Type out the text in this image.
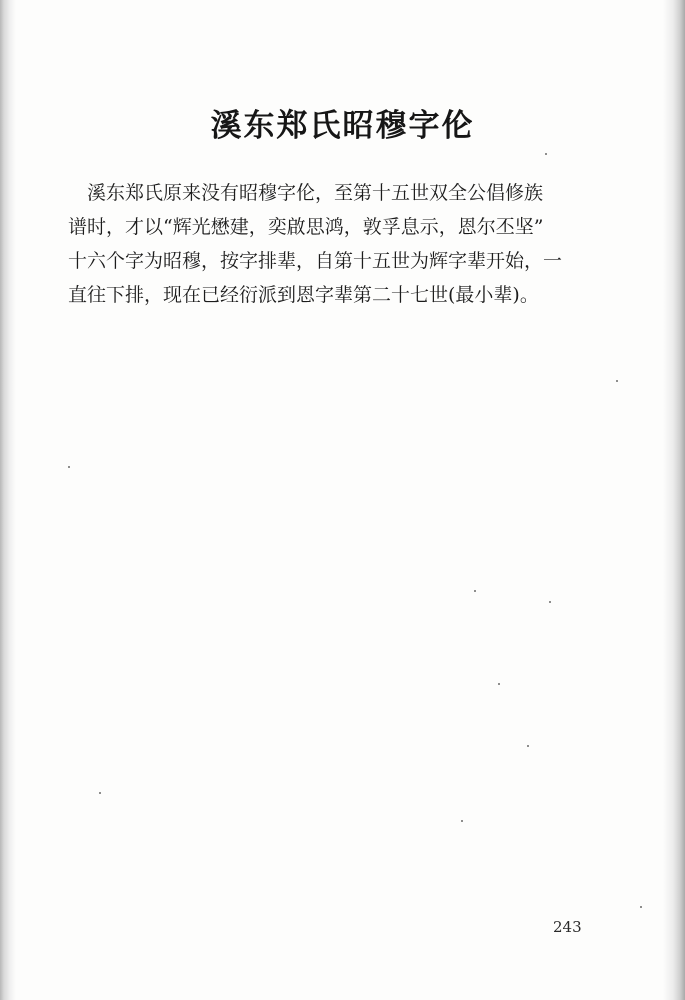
溪东郑氏昭穆字伦
溪东郑氏原来没有昭穆字伦，至第十五世双全公倡修族
谱时，才以“辉光懋建，奕啟思鸿，敦孚息示，恩尔丕坚”
十六个字为昭穆，按字排辈，自第十五世为辉字辈开始，一
直往下排，现在已经衍派到恩字辈第二十七世(最小辈)。
243
